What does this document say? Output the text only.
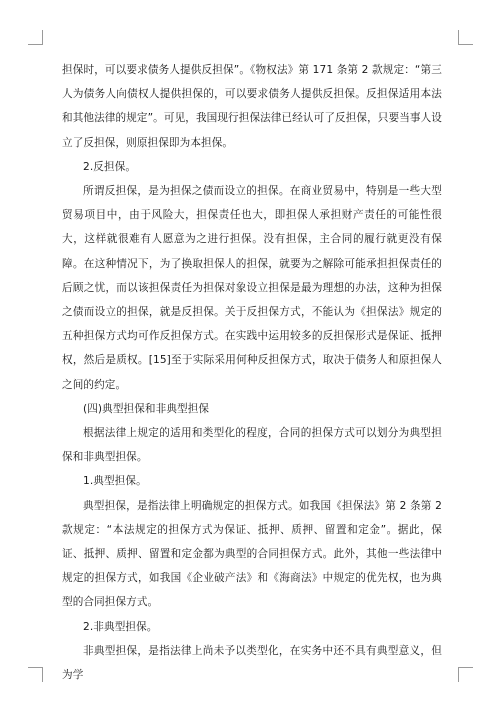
担保时，可以要求债务人提供反担保”。《物权法》第 171 条第 2 款规定：“第三人为债务人向债权人提供担保的，可以要求债务人提供反担保。反担保适用本法和其他法律的规定”。可见，我国现行担保法律已经认可了反担保，只要当事人设立了反担保，则原担保即为本担保。

2.反担保。

所谓反担保，是为担保之债而设立的担保。在商业贸易中，特别是一些大型贸易项目中，由于风险大，担保责任也大，即担保人承担财产责任的可能性很大，这样就很难有人愿意为之进行担保。没有担保，主合同的履行就更没有保障。在这种情况下，为了换取担保人的担保，就要为之解除可能承担担保责任的后顾之忧，而以该担保责任为担保对象设立担保是最为理想的办法，这种为担保之债而设立的担保，就是反担保。关于反担保方式，不能认为《担保法》规定的五种担保方式均可作反担保方式。在实践中运用较多的反担保形式是保证、抵押权，然后是质权。[15]至于实际采用何种反担保方式，取决于债务人和原担保人之间的约定。

(四)典型担保和非典型担保

根据法律上规定的适用和类型化的程度，合同的担保方式可以划分为典型担保和非典型担保。

1.典型担保。

典型担保，是指法律上明确规定的担保方式。如我国《担保法》第 2 条第 2 款规定：“本法规定的担保方式为保证、抵押、质押、留置和定金”。据此，保证、抵押、质押、留置和定金都为典型的合同担保方式。此外，其他一些法律中规定的担保方式，如我国《企业破产法》和《海商法》中规定的优先权，也为典型的合同担保方式。

2.非典型担保。

非典型担保，是指法律上尚未予以类型化，在实务中还不具有典型意义，但为学
